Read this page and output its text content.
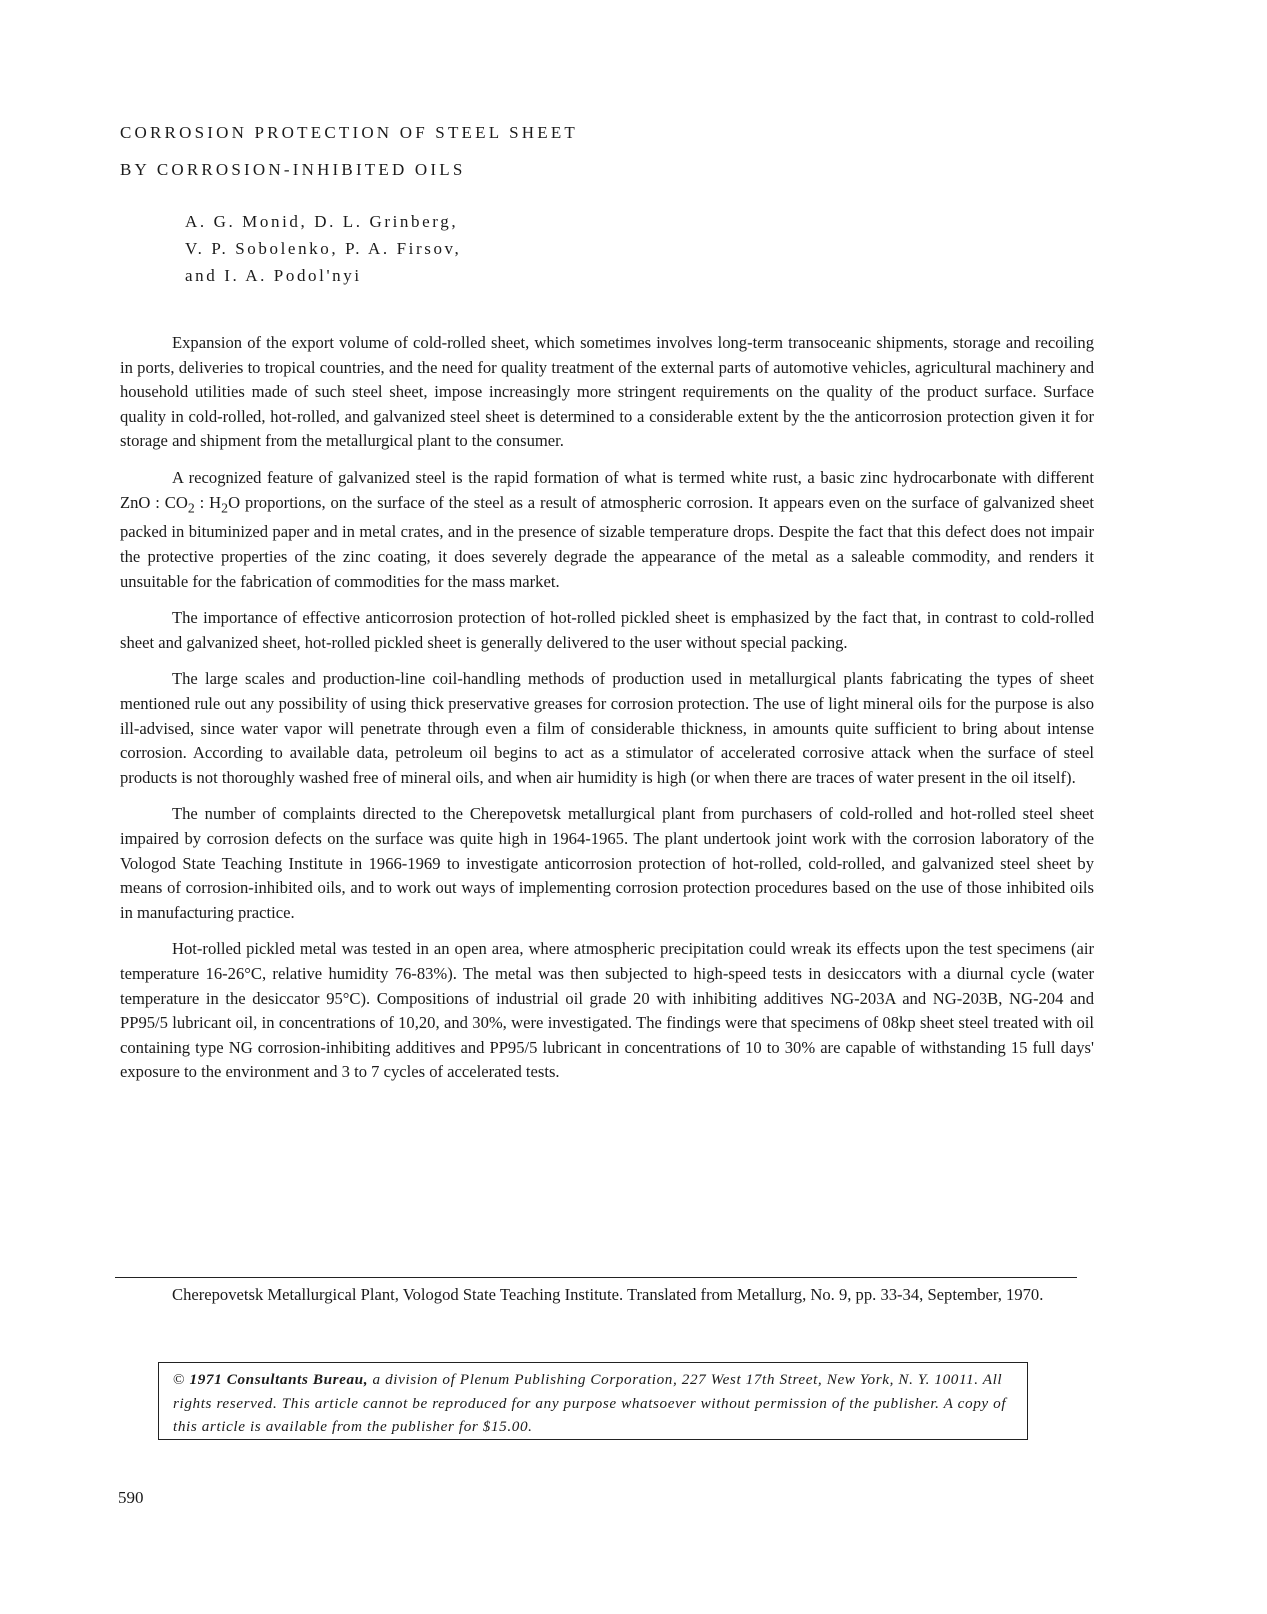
CORROSION PROTECTION OF STEEL SHEET
BY CORROSION-INHIBITED OILS
A. G. Monid, D. L. Grinberg,
V. P. Sobolenko, P. A. Firsov,
and I. A. Podol'nyi

Expansion of the export volume of cold-rolled sheet, which sometimes involves long-term transoceanic shipments, storage and recoiling in ports, deliveries to tropical countries, and the need for quality treatment of the external parts of automotive vehicles, agricultural machinery and household utilities made of such steel sheet, impose increasingly more stringent requirements on the quality of the product surface. Surface quality in cold-rolled, hot-rolled, and galvanized steel sheet is determined to a considerable extent by the the anticorrosion protection given it for storage and shipment from the metallurgical plant to the consumer.

A recognized feature of galvanized steel is the rapid formation of what is termed white rust, a basic zinc hydrocarbonate with different ZnO : $CO_2$ : $H_2O$ proportions, on the surface of the steel as a result of atmospheric corrosion. It appears even on the surface of galvanized sheet packed in bituminized paper and in metal crates, and in the presence of sizable temperature drops. Despite the fact that this defect does not impair the protective properties of the zinc coating, it does severely degrade the appearance of the metal as a saleable commodity, and renders it unsuitable for the fabrication of commodities for the mass market.

The importance of effective anticorrosion protection of hot-rolled pickled sheet is emphasized by the fact that, in contrast to cold-rolled sheet and galvanized sheet, hot-rolled pickled sheet is generally delivered to the user without special packing.

The large scales and production-line coil-handling methods of production used in metallurgical plants fabricating the types of sheet mentioned rule out any possibility of using thick preservative greases for corrosion protection. The use of light mineral oils for the purpose is also ill-advised, since water vapor will penetrate through even a film of considerable thickness, in amounts quite sufficient to bring about intense corrosion. According to available data, petroleum oil begins to act as a stimulator of accelerated corrosive attack when the surface of steel products is not thoroughly washed free of mineral oils, and when air humidity is high (or when there are traces of water present in the oil itself).

The number of complaints directed to the Cherepovetsk metallurgical plant from purchasers of cold-rolled and hot-rolled steel sheet impaired by corrosion defects on the surface was quite high in 1964-1965. The plant undertook joint work with the corrosion laboratory of the Vologod State Teaching Institute in 1966-1969 to investigate anticorrosion protection of hot-rolled, cold-rolled, and galvanized steel sheet by means of corrosion-inhibited oils, and to work out ways of implementing corrosion protection procedures based on the use of those inhibited oils in manufacturing practice.

Hot-rolled pickled metal was tested in an open area, where atmospheric precipitation could wreak its effects upon the test specimens (air temperature 16-26°C, relative humidity 76-83%). The metal was then subjected to high-speed tests in desiccators with a diurnal cycle (water temperature in the desiccator 95°C). Compositions of industrial oil grade 20 with inhibiting additives NG-203A and NG-203B, NG-204 and PP95/5 lubricant oil, in concentrations of 10,20, and 30%, were investigated. The findings were that specimens of 08kp sheet steel treated with oil containing type NG corrosion-inhibiting additives and PP95/5 lubricant in concentrations of 10 to 30% are capable of withstanding 15 full days' exposure to the environment and 3 to 7 cycles of accelerated tests.

Cherepovetsk Metallurgical Plant, Vologod State Teaching Institute. Translated from Metallurg, No. 9, pp. 33-34, September, 1970.

© 1971 Consultants Bureau, a division of Plenum Publishing Corporation, 227 West 17th Street, New York, N. Y. 10011. All rights reserved. This article cannot be reproduced for any purpose whatsoever without permission of the publisher. A copy of this article is available from the publisher for $15.00.
590
